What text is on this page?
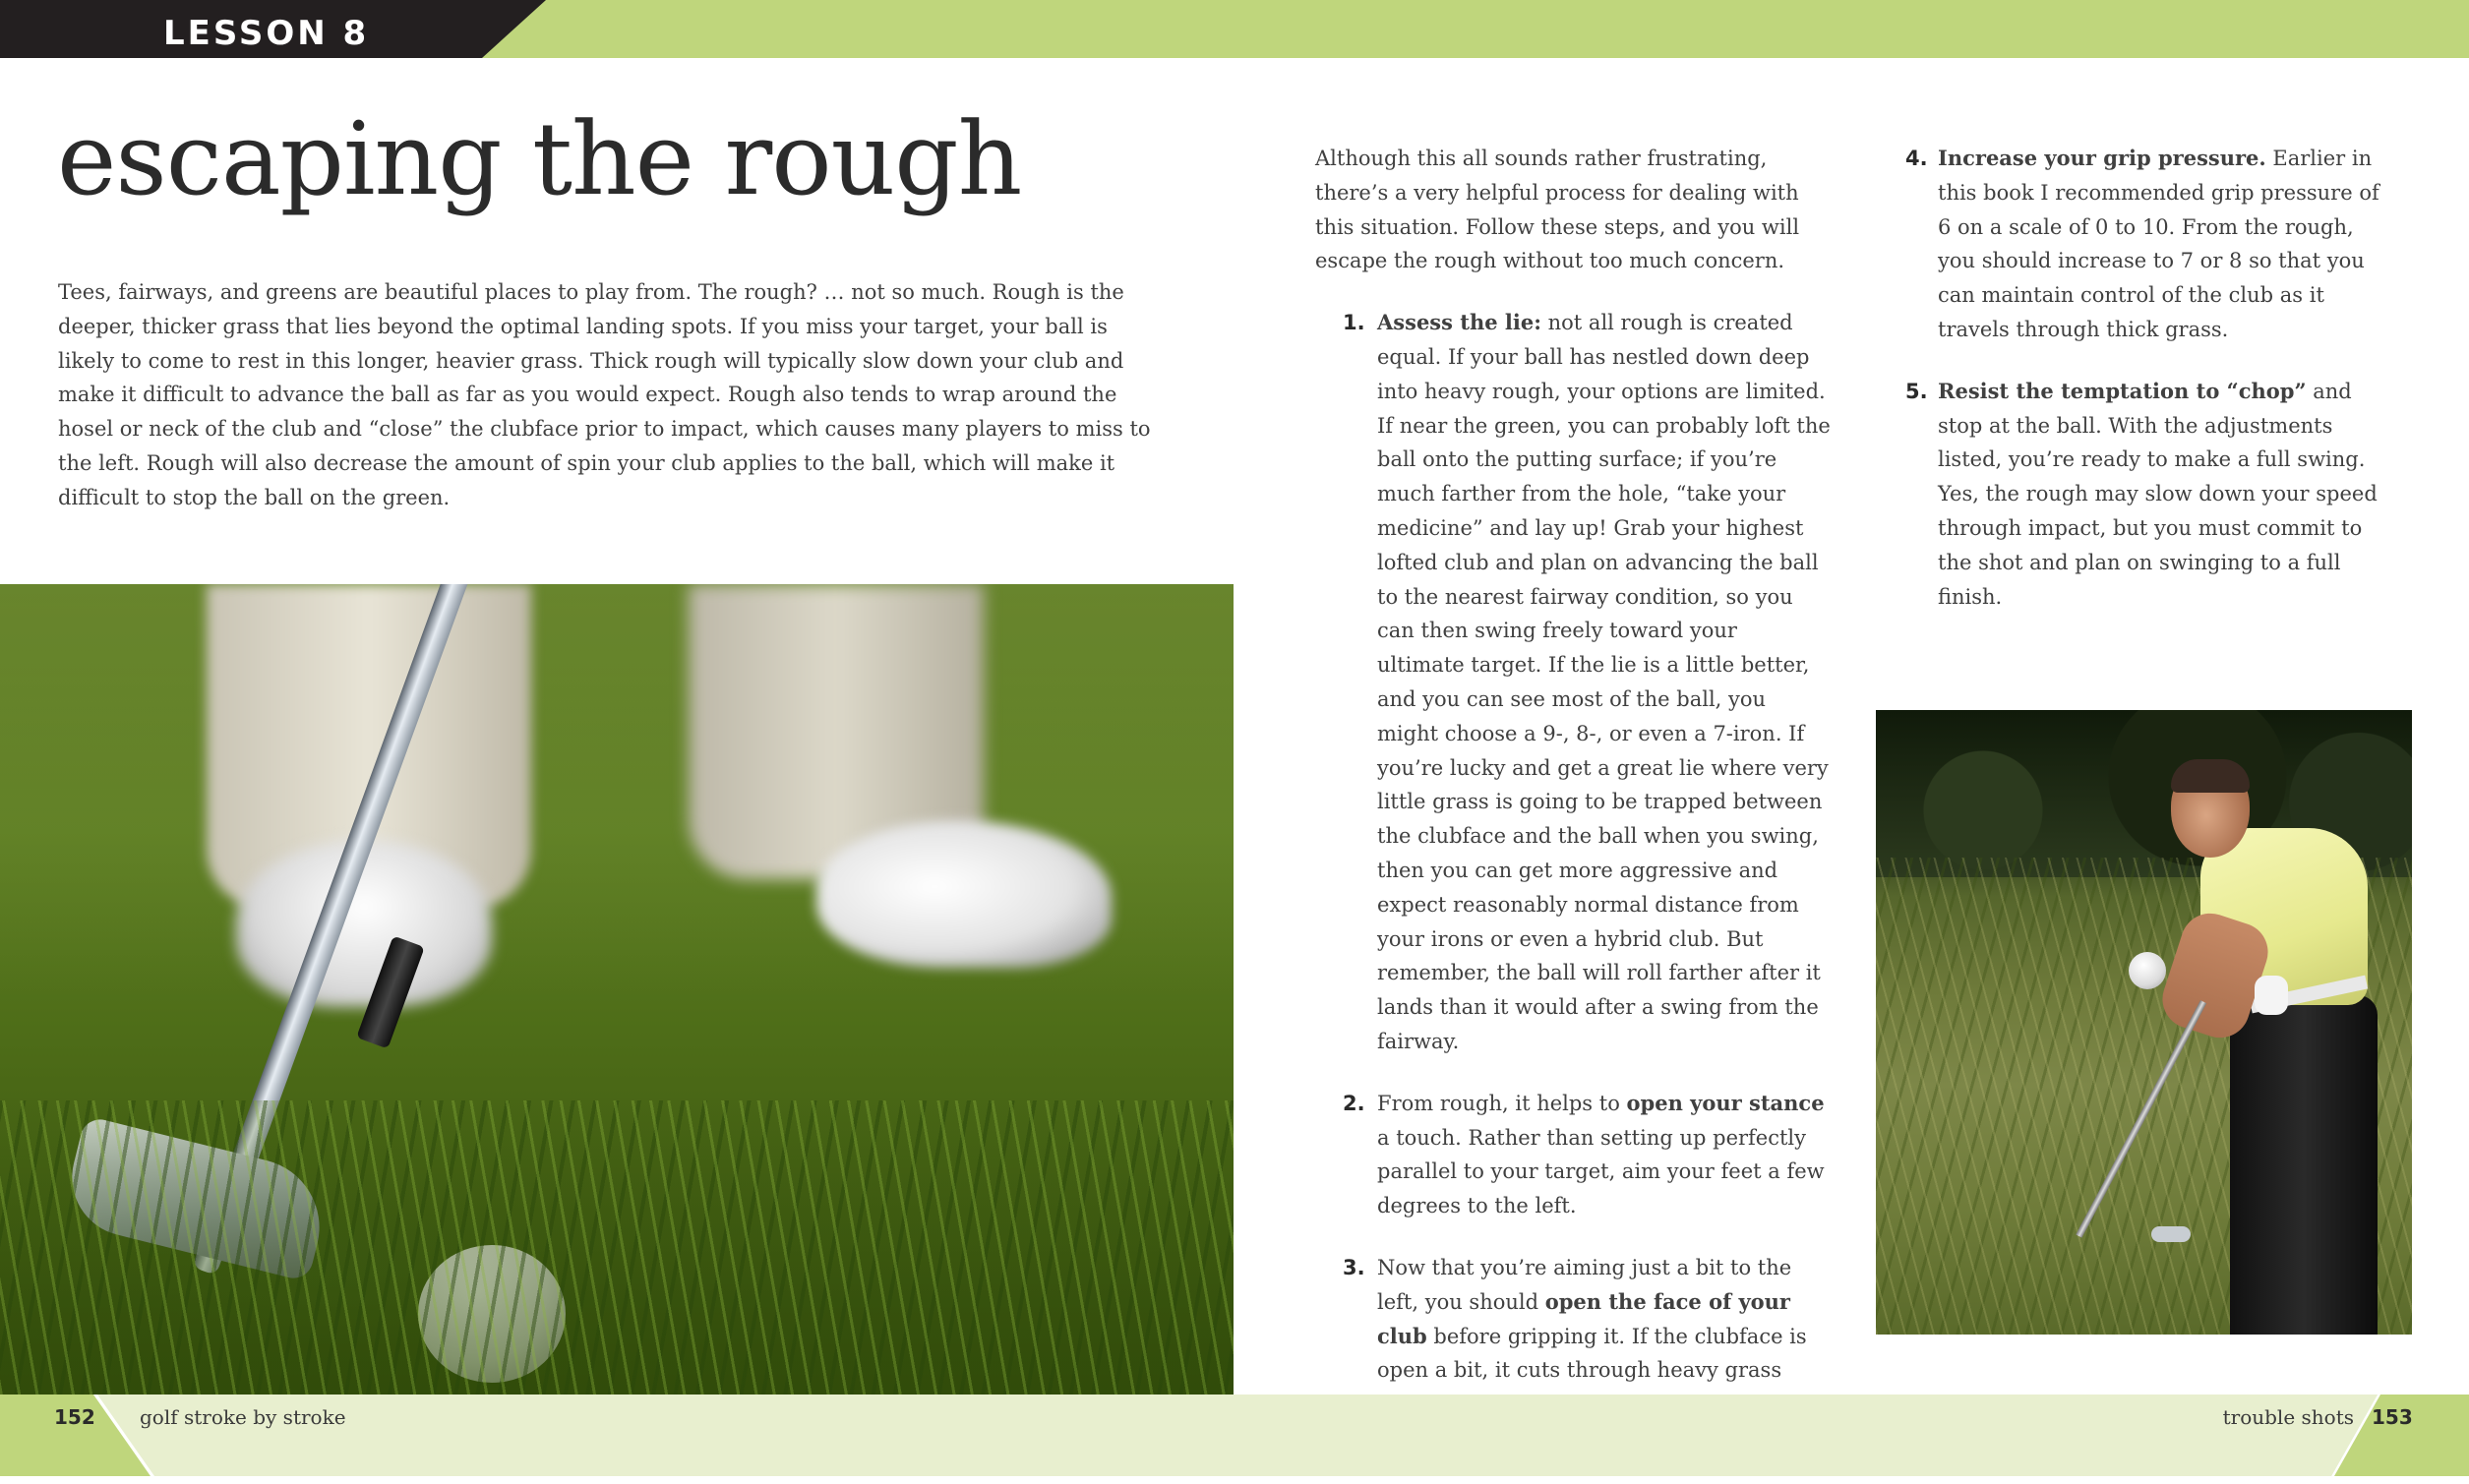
LESSON 8
escaping the rough

Tees, fairways, and greens are beautiful places to play from. The rough? … not so much. Rough is the deeper, thicker grass that lies beyond the optimal landing spots. If you miss your target, your ball is likely to come to rest in this longer, heavier grass. Thick rough will typically slow down your club and make it difficult to advance the ball as far as you would expect. Rough also tends to wrap around the hosel or neck of the club and “close” the clubface prior to impact, which causes many players to miss to the left. Rough will also decrease the amount of spin your club applies to the ball, which will make it difficult to stop the ball on the green.

Although this all sounds rather frustrating, there’s a very helpful process for dealing with this situation. Follow these steps, and you will escape the rough without too much concern.

1. Assess the lie: not all rough is created equal. If your ball has nestled down deep into heavy rough, your options are limited. If near the green, you can probably loft the ball onto the putting surface; if you’re much farther from the hole, “take your medicine” and lay up! Grab your highest lofted club and plan on advancing the ball to the nearest fairway condition, so you can then swing freely toward your ultimate target. If the lie is a little better, and you can see most of the ball, you might choose a 9-, 8-, or even a 7-iron. If you’re lucky and get a great lie where very little grass is going to be trapped between the clubface and the ball when you swing, then you can get more aggressive and expect reasonably normal distance from your irons or even a hybrid club. But remember, the ball will roll farther after it lands than it would after a swing from the fairway.
2. From rough, it helps to open your stance a touch. Rather than setting up perfectly parallel to your target, aim your feet a few degrees to the left.
3. Now that you’re aiming just a bit to the left, you should open the face of your club before gripping it. If the clubface is open a bit, it cuts through heavy grass
4. Increase your grip pressure. Earlier in this book I recommended grip pressure of 6 on a scale of 0 to 10. From the rough, you should increase to 7 or 8 so that you can maintain control of the club as it travels through thick grass.
5. Resist the temptation to “chop” and stop at the ball. With the adjustments listed, you’re ready to make a full swing. Yes, the rough may slow down your speed through impact, but you must commit to the shot and plan on swinging to a full finish.
152 golf stroke by stroke	trouble shots 153
